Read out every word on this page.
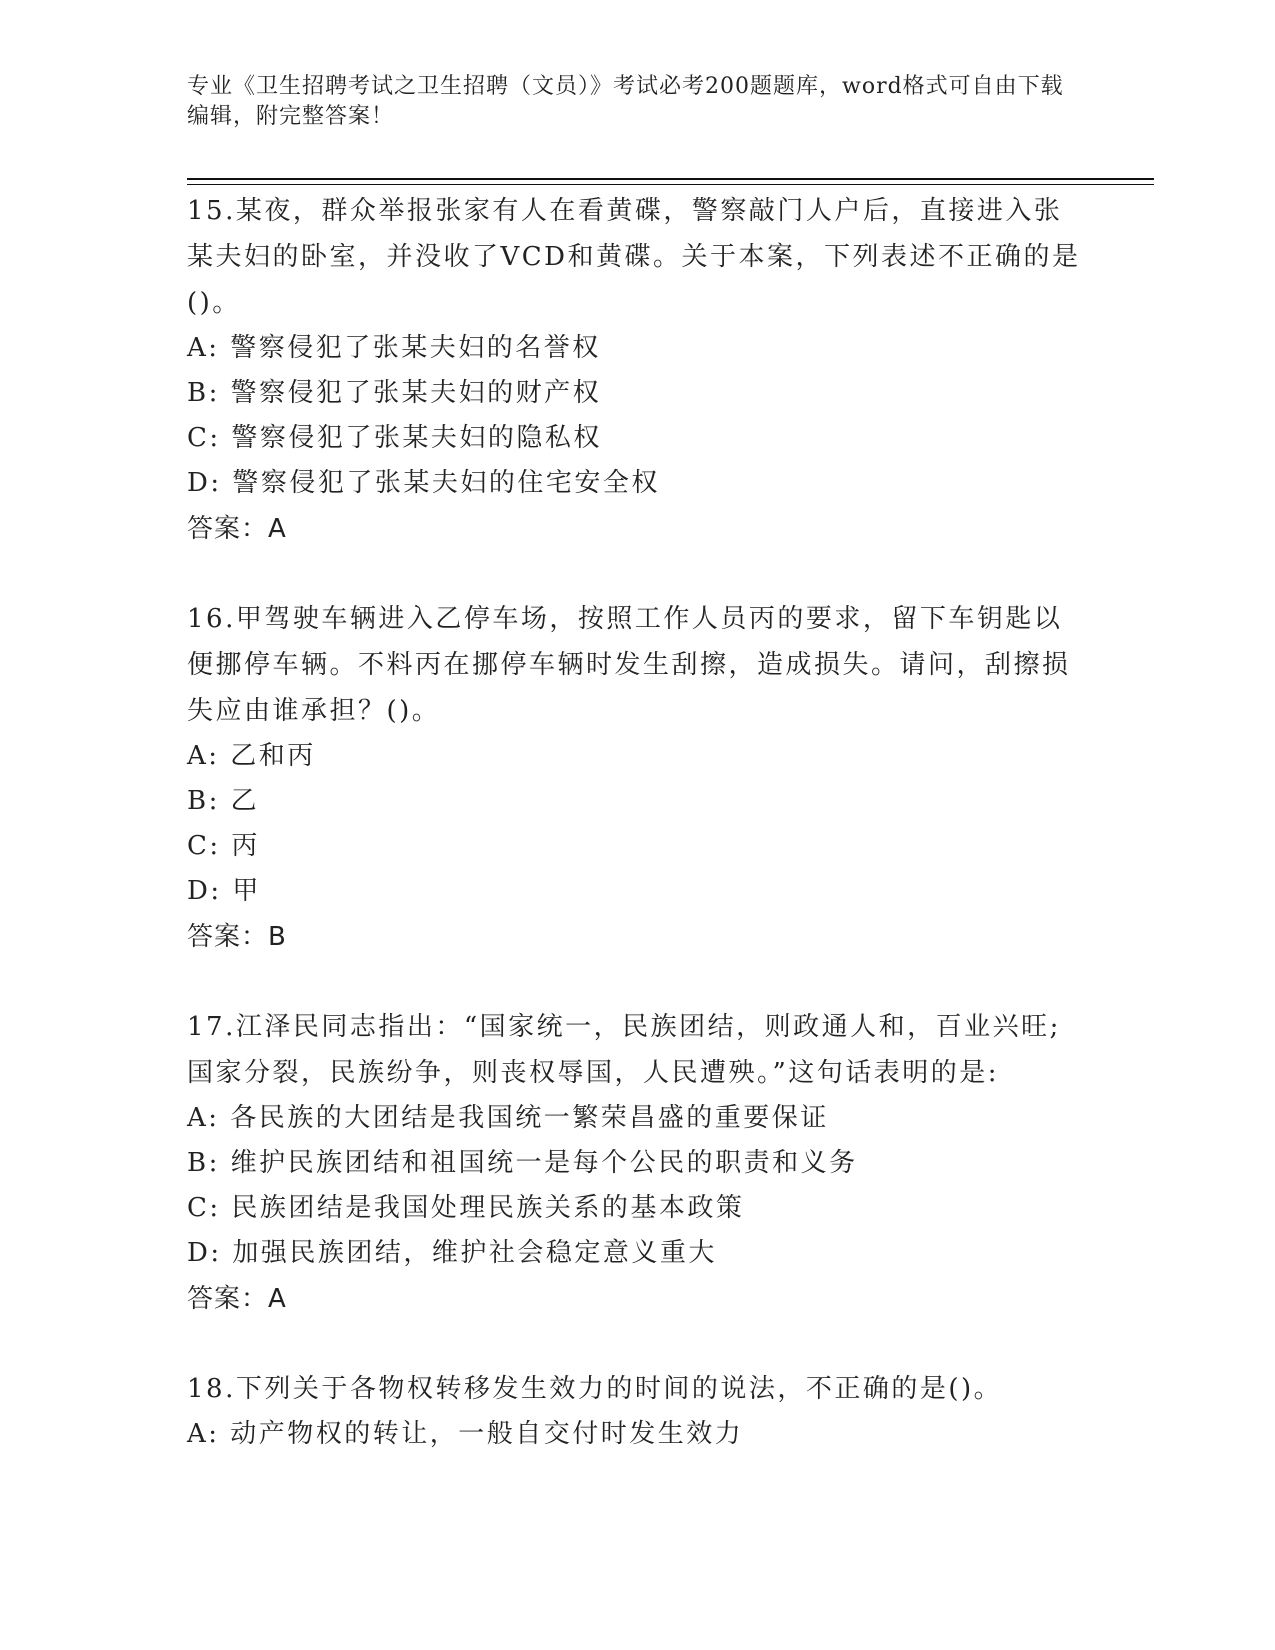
专业《卫生招聘考试之卫生招聘（文员）》考试必考200题题库，word格式可自由下载编辑，附完整答案！
15.某夜，群众举报张家有人在看黄碟，警察敲门人户后，直接进入张某夫妇的卧室，并没收了VCD和黄碟。关于本案，下列表述不正确的是()。
A: 警察侵犯了张某夫妇的名誉权
B: 警察侵犯了张某夫妇的财产权
C: 警察侵犯了张某夫妇的隐私权
D: 警察侵犯了张某夫妇的住宅安全权
答案：A
16.甲驾驶车辆进入乙停车场，按照工作人员丙的要求，留下车钥匙以便挪停车辆。不料丙在挪停车辆时发生刮擦，造成损失。请问，刮擦损失应由谁承担？()。
A: 乙和丙
B: 乙
C: 丙
D: 甲
答案：B
17.江泽民同志指出：“国家统一，民族团结，则政通人和，百业兴旺;国家分裂，民族纷争，则丧权辱国，人民遭殃。”这句话表明的是:
A: 各民族的大团结是我国统一繁荣昌盛的重要保证
B: 维护民族团结和祖国统一是每个公民的职责和义务
C: 民族团结是我国处理民族关系的基本政策
D: 加强民族团结，维护社会稳定意义重大
答案：A
18.下列关于各物权转移发生效力的时间的说法，不正确的是()。
A: 动产物权的转让，一般自交付时发生效力
